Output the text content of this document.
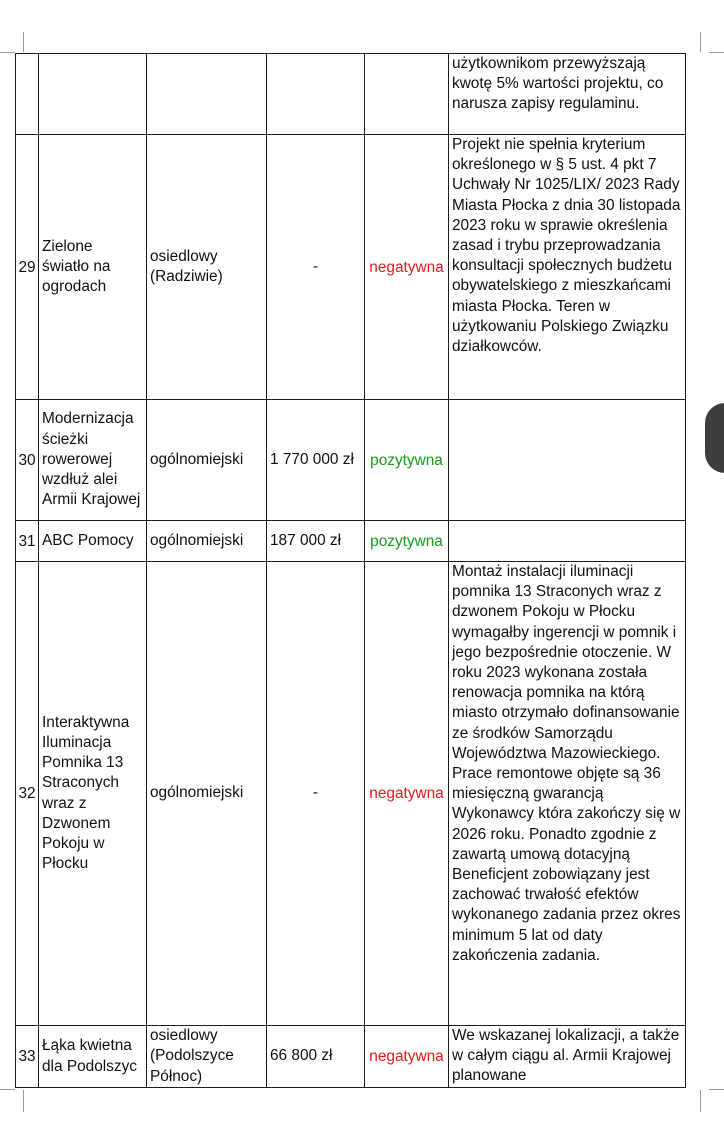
					użytkownikom przewyższają kwotę 5% wartości projektu, co narusza zapisy regulaminu.
29	Zielone światło na ogrodach	osiedlowy (Radziwie)	-	negatywna	Projekt nie spełnia kryterium określonego w § 5 ust. 4 pkt 7 Uchwały Nr 1025/LIX/ 2023 Rady Miasta Płocka z dnia 30 listopada 2023 roku w sprawie określenia zasad i trybu przeprowadzania konsultacji społecznych budżetu obywatelskiego z mieszkańcami miasta Płocka. Teren w użytkowaniu Polskiego Związku działkowców.
30	Modernizacja ścieżki rowerowej wzdłuż alei Armii Krajowej	ogólnomiejski	1 770 000 zł	pozytywna	
31	ABC Pomocy	ogólnomiejski	187 000 zł	pozytywna	
32	Interaktywna Iluminacja Pomnika 13 Straconych wraz z Dzwonem Pokoju w Płocku	ogólnomiejski	-	negatywna	Montaż instalacji iluminacji pomnika 13 Straconych wraz z dzwonem Pokoju w Płocku wymagałby ingerencji w pomnik i jego bezpośrednie otoczenie. W roku 2023 wykonana została renowacja pomnika na którą miasto otrzymało dofinansowanie ze środków Samorządu Województwa Mazowieckiego. Prace remontowe objęte są 36 miesięczną gwarancją Wykonawcy która zakończy się w 2026 roku. Ponadto zgodnie z zawartą umową dotacyjną Beneficjent zobowiązany jest zachować trwałość efektów wykonanego zadania przez okres minimum 5 lat od daty zakończenia zadania.
33	Łąka kwietna dla Podolszyc	osiedlowy (Podolszyce Północ)	66 800 zł	negatywna	We wskazanej lokalizacji, a także w całym ciągu al. Armii Krajowej planowane
